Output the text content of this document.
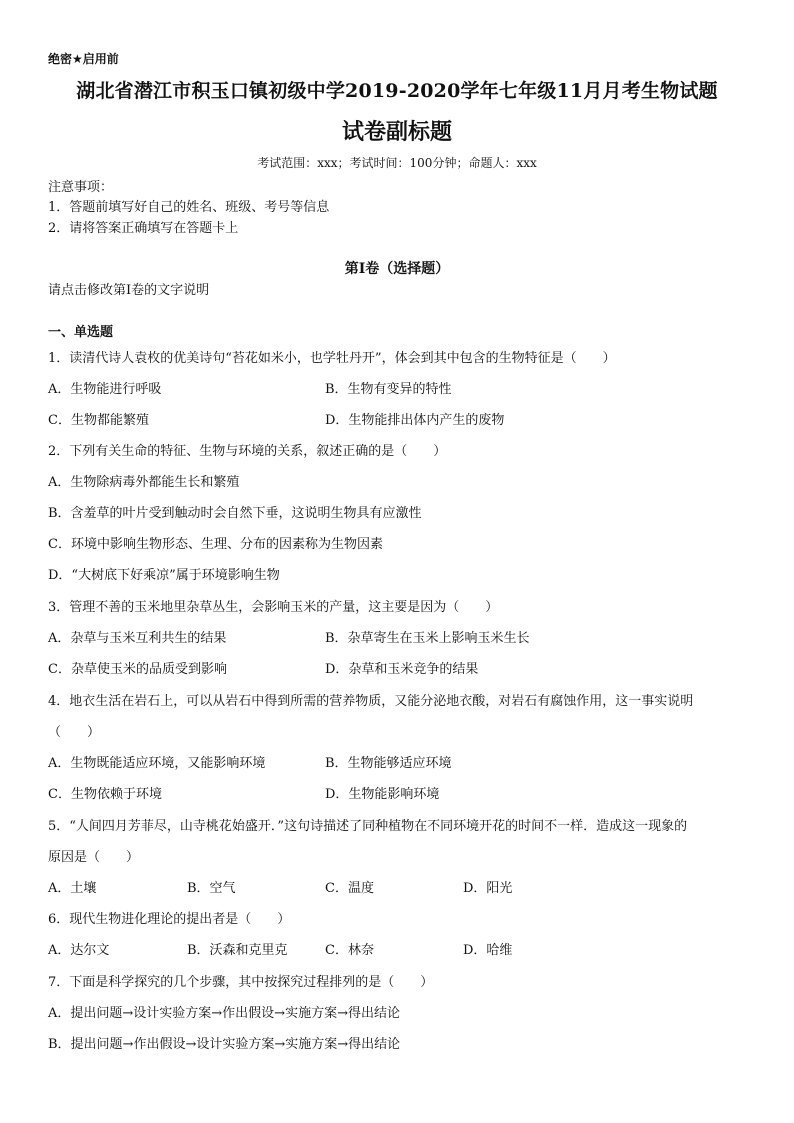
绝密★启用前
湖北省潜江市积玉口镇初级中学2019-2020学年七年级11月月考生物试题
试卷副标题
考试范围：xxx；考试时间：100分钟；命题人：xxx
注意事项：
1．答题前填写好自己的姓名、班级、考号等信息
2．请将答案正确填写在答题卡上
第I卷（选择题）
请点击修改第I卷的文字说明
一、单选题
1．读清代诗人袁枚的优美诗句“苔花如米小，也学牡丹开”，体会到其中包含的生物特征是（　　）
A．生物能进行呼吸	B．生物有变异的特性
C．生物都能繁殖	D．生物能排出体内产生的废物
2．下列有关生命的特征、生物与环境的关系，叙述正确的是（　　）
A．生物除病毒外都能生长和繁殖
B．含羞草的叶片受到触动时会自然下垂，这说明生物具有应激性
C．环境中影响生物形态、生理、分布的因素称为生物因素
D．“大树底下好乘凉”属于环境影响生物
3．管理不善的玉米地里杂草丛生，会影响玉米的产量，这主要是因为（　　）
A．杂草与玉米互利共生的结果	B．杂草寄生在玉米上影响玉米生长
C．杂草使玉米的品质受到影响	D．杂草和玉米竞争的结果
4．地衣生活在岩石上，可以从岩石中得到所需的营养物质，又能分泌地衣酸，对岩石有腐蚀作用，这一事实说明
（　　）
A．生物既能适应环境，又能影响环境	B．生物能够适应环境
C．生物依赖于环境	D．生物能影响环境
5．“人间四月芳菲尽，山寺桃花始盛开．”这句诗描述了同种植物在不同环境开花的时间不一样．造成这一现象的
原因是（　　）
A．土壤	B．空气	C．温度	D．阳光
6．现代生物进化理论的提出者是（　　）
A．达尔文	B．沃森和克里克	C．林奈	D．哈维
7．下面是科学探究的几个步骤，其中按探究过程排列的是（　　）
A．提出问题→设计实验方案→作出假设→实施方案→得出结论
B．提出问题→作出假设→设计实验方案→实施方案→得出结论
